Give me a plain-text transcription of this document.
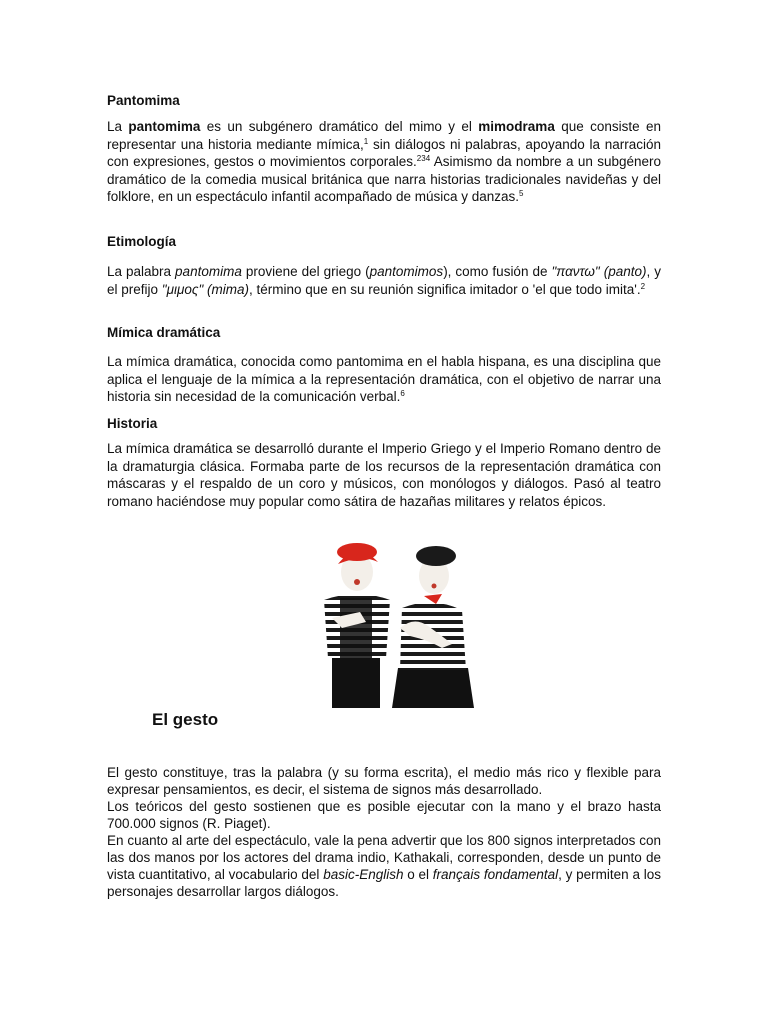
Pantomima

La pantomima es un subgénero dramático del mimo y el mimodrama que consiste en representar una historia mediante mímica,$^1$ sin diálogos ni palabras, apoyando la narración con expresiones, gestos o movimientos corporales.$^{234}$ Asimismo da nombre a un subgénero dramático de la comedia musical británica que narra historias tradicionales navideñas y del folklore, en un espectáculo infantil acompañado de música y danzas.$^5$

Etimología

La palabra pantomima proviene del griego (pantomimos), como fusión de "παντω" (panto), y el prefijo "μιμος" (mima), término que en su reunión significa imitador o 'el que todo imita'.$^2$

Mímica dramática

La mímica dramática, conocida como pantomima en el habla hispana, es una disciplina que aplica el lenguaje de la mímica a la representación dramática, con el objetivo de narrar una historia sin necesidad de la comunicación verbal.$^6$

Historia

La mímica dramática se desarrolló durante el Imperio Griego y el Imperio Romano dentro de la dramaturgia clásica. Formaba parte de los recursos de la representación dramática con máscaras y el respaldo de un coro y músicos, con monólogos y diálogos. Pasó al teatro romano haciéndose muy popular como sátira de hazañas militares y relatos épicos.

El gesto

El gesto constituye, tras la palabra (y su forma escrita), el medio más rico y flexible para expresar pensamientos, es decir, el sistema de signos más desarrollado.

Los teóricos del gesto sostienen que es posible ejecutar con la mano y el brazo hasta 700.000 signos (R. Piaget).

En cuanto al arte del espectáculo, vale la pena advertir que los 800 signos interpretados con las dos manos por los actores del drama indio, Kathakali, corresponden, desde un punto de vista cuantitativo, al vocabulario del basic-English o el français fondamental, y permiten a los personajes desarrollar largos diálogos.
